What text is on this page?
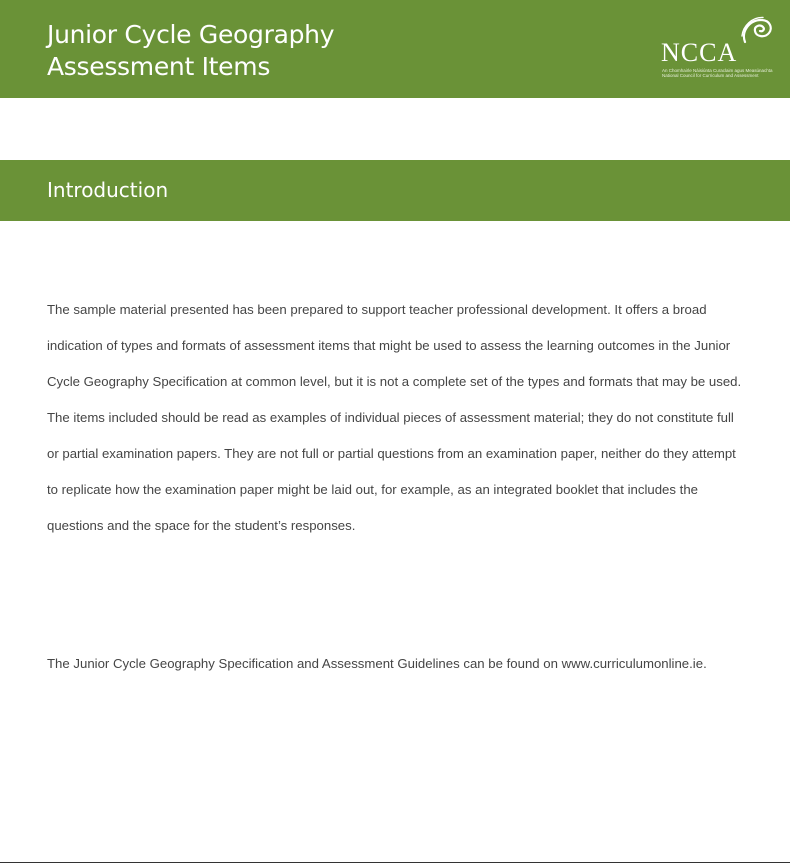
Junior Cycle Geography
Assessment Items	NCCA
An Chomhairle Náisiúnta Curaclaim agus Measúnachta
National Council for Curriculum and Assessment
Introduction

The sample material presented has been prepared to support teacher professional development. It offers a broad
indication of types and formats of assessment items that might be used to assess the learning outcomes in the Junior
Cycle Geography Specification at common level, but it is not a complete set of the types and formats that may be used.
The items included should be read as examples of individual pieces of assessment material; they do not constitute full
or partial examination papers. They are not full or partial questions from an examination paper, neither do they attempt
to replicate how the examination paper might be laid out, for example, as an integrated booklet that includes the
questions and the space for the student’s responses.

The Junior Cycle Geography Specification and Assessment Guidelines can be found on www.curriculumonline.ie.
